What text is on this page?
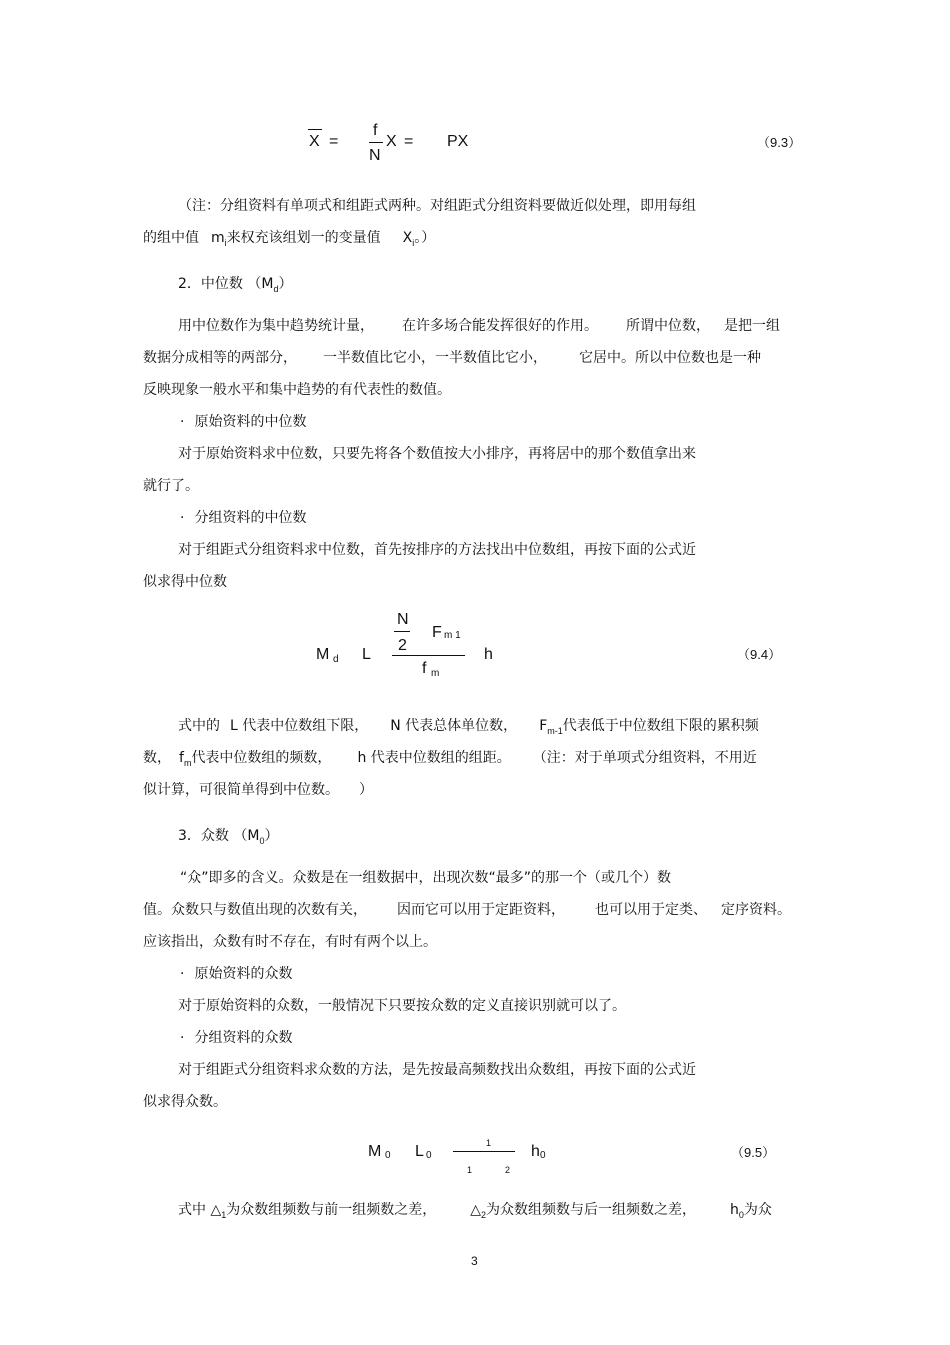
X =
f
N
X = PX	（9.3）
（注：分组资料有单项式和组距式两种。对组距式分组资料要做近似处理，即用每组
的组中值 $m_i$来权充该组划一的变量值 $X_i$。）
2．中位数 $(M_d)$
用中位数作为集中趋势统计量， 在许多场合能发挥很好的作用。 所谓中位数， 是把一组
数据分成相等的两部分， 一半数值比它小，一半数值比它小， 它居中。所以中位数也是一种
反映现象一般水平和集中趋势的有代表性的数值。
· 原始资料的中位数
对于原始资料求中位数，只要先将各个数值按大小排序，再将居中的那个数值拿出来
就行了。
· 分组资料的中位数
对于组距式分组资料求中位数，首先按排序的方法找出中位数组，再按下面的公式近
似求得中位数
M d L
N
2
F m 1
f m
h	（9.4）
式中的 L 代表中位数组下限， N 代表总体单位数， $F_{m-1}$代表低于中位数组下限的累积频
数， $f_m$代表中位数组的频数， h 代表中位数组的组距。 （注：对于单项式分组资料，不用近
似计算，可很简单得到中位数。 ）
3．众数 $(M_0)$
“众”即多的含义。众数是在一组数据中，出现次数“最多”的那一个（或几个）数
值。众数只与数值出现的次数有关， 因而它可以用于定距资料， 也可以用于定类、 定序资料。
应该指出，众数有时不存在，有时有两个以上。
· 原始资料的众数
对于原始资料的众数，一般情况下只要按众数的定义直接识别就可以了。
· 分组资料的众数
对于组距式分组资料求众数的方法，是先按最高频数找出众数组，再按下面的公式近
似求得众数。
M 0 L 0
1
1	2
h 0	（9.5）
式中 $\triangle_1$为众数组频数与前一组频数之差， $\triangle_2$为众数组频数与后一组频数之差， $h_0$为众
3
